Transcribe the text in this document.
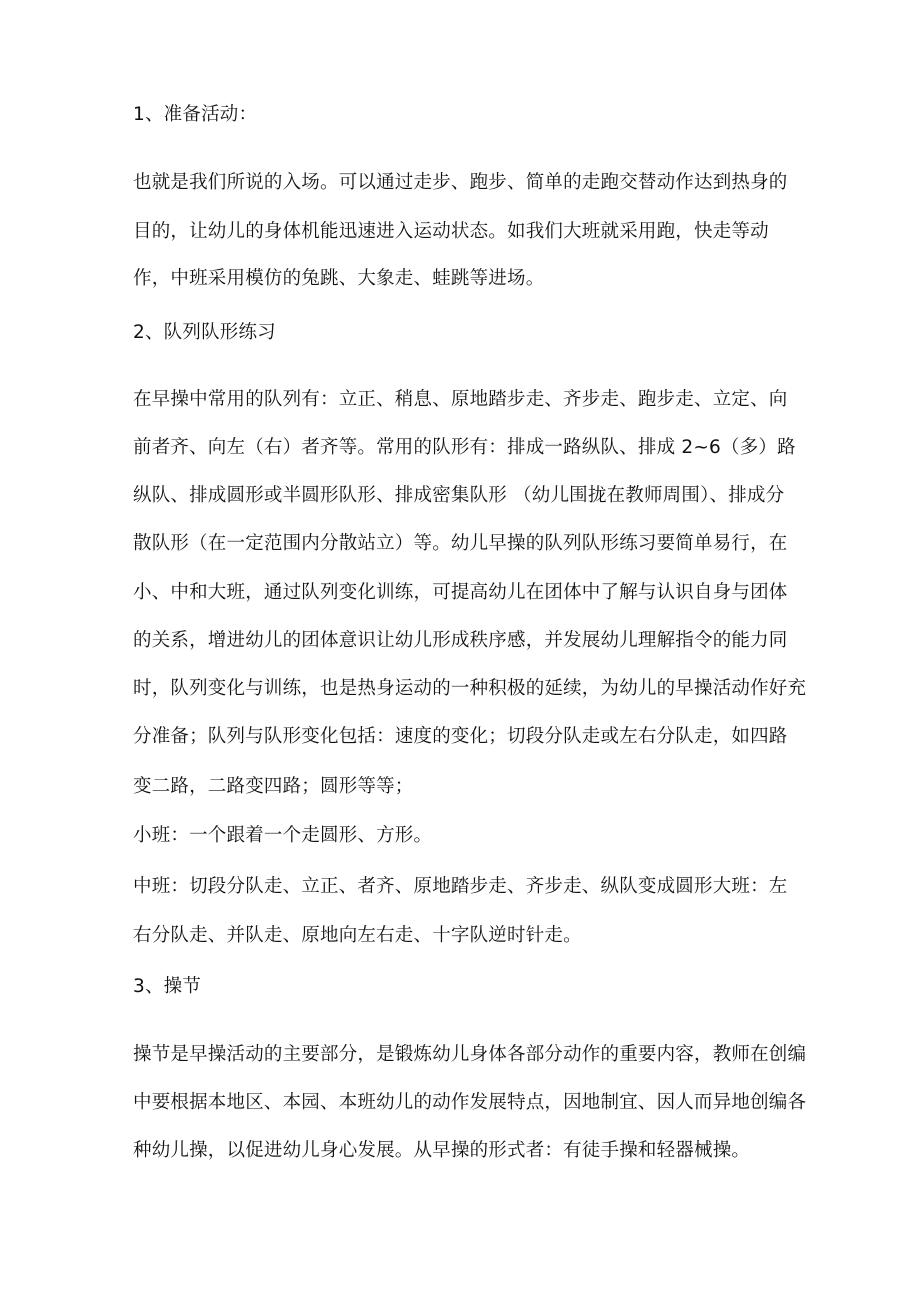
1、准备活动：
也就是我们所说的入场。可以通过走步、跑步、简单的走跑交替动作达到热身的
目的，让幼儿的身体机能迅速进入运动状态。如我们大班就采用跑，快走等动
作，中班采用模仿的兔跳、大象走、蛙跳等进场。
2、队列队形练习
在早操中常用的队列有：立正、稍息、原地踏步走、齐步走、跑步走、立定、向
前者齐、向左（右）者齐等。常用的队形有：排成一路纵队、排成 2~6（多）路
纵队、排成圆形或半圆形队形、排成密集队形 （幼儿围拢在教师周围）、排成分
散队形（在一定范围内分散站立）等。幼儿早操的队列队形练习要简单易行，在
小、中和大班，通过队列变化训练，可提高幼儿在团体中了解与认识自身与团体
的关系，增进幼儿的团体意识让幼儿形成秩序感，并发展幼儿理解指令的能力同
时，队列变化与训练，也是热身运动的一种积极的延续，为幼儿的早操活动作好充
分准备；队列与队形变化包括：速度的变化；切段分队走或左右分队走，如四路
变二路，二路变四路；圆形等等；
小班：一个跟着一个走圆形、方形。
中班：切段分队走、立正、者齐、原地踏步走、齐步走、纵队变成圆形大班：左
右分队走、并队走、原地向左右走、十字队逆时针走。
3、操节
操节是早操活动的主要部分，是锻炼幼儿身体各部分动作的重要内容，教师在创编
中要根据本地区、本园、本班幼儿的动作发展特点，因地制宜、因人而异地创编各
种幼儿操，以促进幼儿身心发展。从早操的形式者：有徒手操和轻器械操。
